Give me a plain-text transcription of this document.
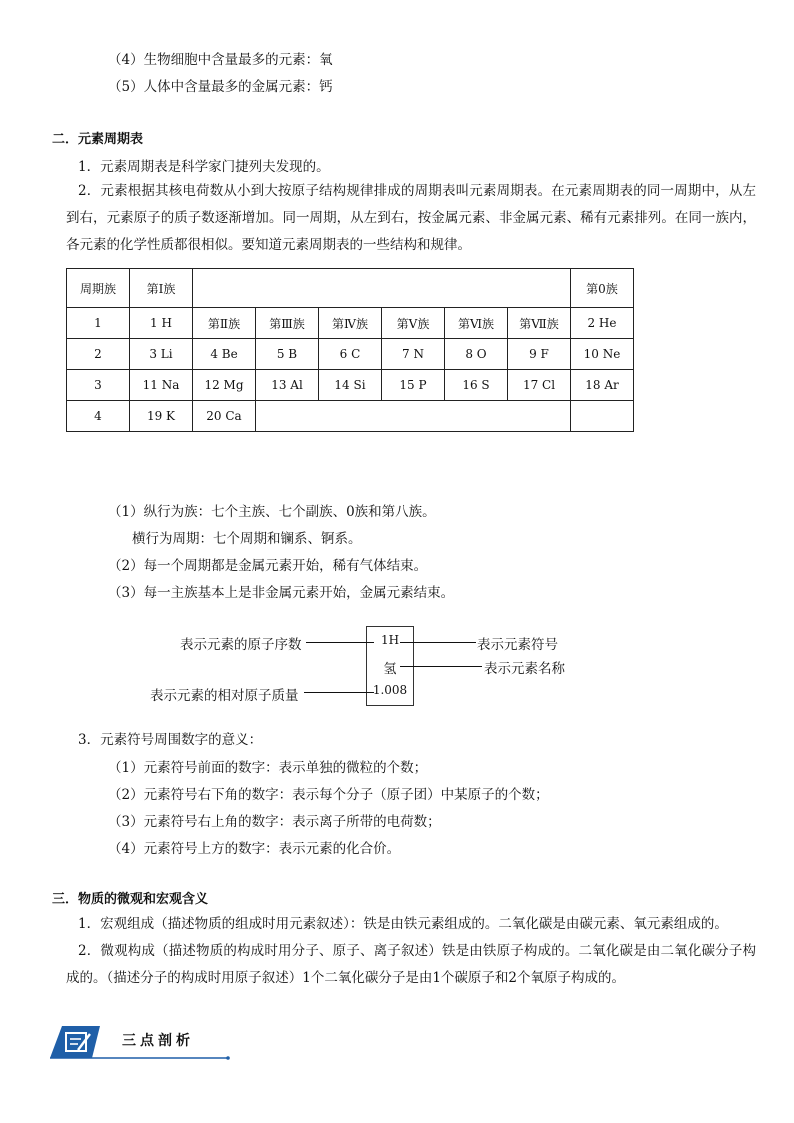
（4）生物细胞中含量最多的元素：氧
（5）人体中含量最多的金属元素：钙
二．元素周期表
1．元素周期表是科学家门捷列夫发现的。
2．元素根据其核电荷数从小到大按原子结构规律排成的周期表叫元素周期表。在元素周期表的同一周期中，从左到右，元素原子的质子数逐渐增加。同一周期，从左到右，按金属元素、非金属元素、稀有元素排列。在同一族内，各元素的化学性质都很相似。要知道元素周期表的一些结构和规律。
周期族	第Ⅰ族							第0族
1	1 H	第Ⅱ族	第Ⅲ族	第Ⅳ族	第Ⅴ族	第Ⅵ族	第Ⅶ族	2 He
2	3 Li	4 Be	5 B	6 C	7 N	8 O	9 F	10 Ne
3	11 Na	12 Mg	13 Al	14 Si	15 P	16 S	17 Cl	18 Ar
4	19 K	20 Ca						
（1）纵行为族：七个主族、七个副族、0族和第八族。
横行为周期：七个周期和镧系、锕系。
（2）每一个周期都是金属元素开始，稀有气体结束。
（3）每一主族基本上是非金属元素开始，金属元素结束。
1H
氢
1.008
表示元素的原子序数
表示元素的相对原子质量
表示元素符号
表示元素名称
3．元素符号周围数字的意义：
（1）元素符号前面的数字：表示单独的微粒的个数；
（2）元素符号右下角的数字：表示每个分子（原子团）中某原子的个数；
（3）元素符号右上角的数字：表示离子所带的电荷数；
（4）元素符号上方的数字：表示元素的化合价。
三．物质的微观和宏观含义
1．宏观组成（描述物质的组成时用元素叙述）：铁是由铁元素组成的。二氧化碳是由碳元素、氧元素组成的。
2．微观构成（描述物质的构成时用分子、原子、离子叙述）铁是由铁原子构成的。二氧化碳是由二氧化碳分子构成的。（描述分子的构成时用原子叙述）1个二氧化碳分子是由1个碳原子和2个氧原子构成的。
三点剖析
